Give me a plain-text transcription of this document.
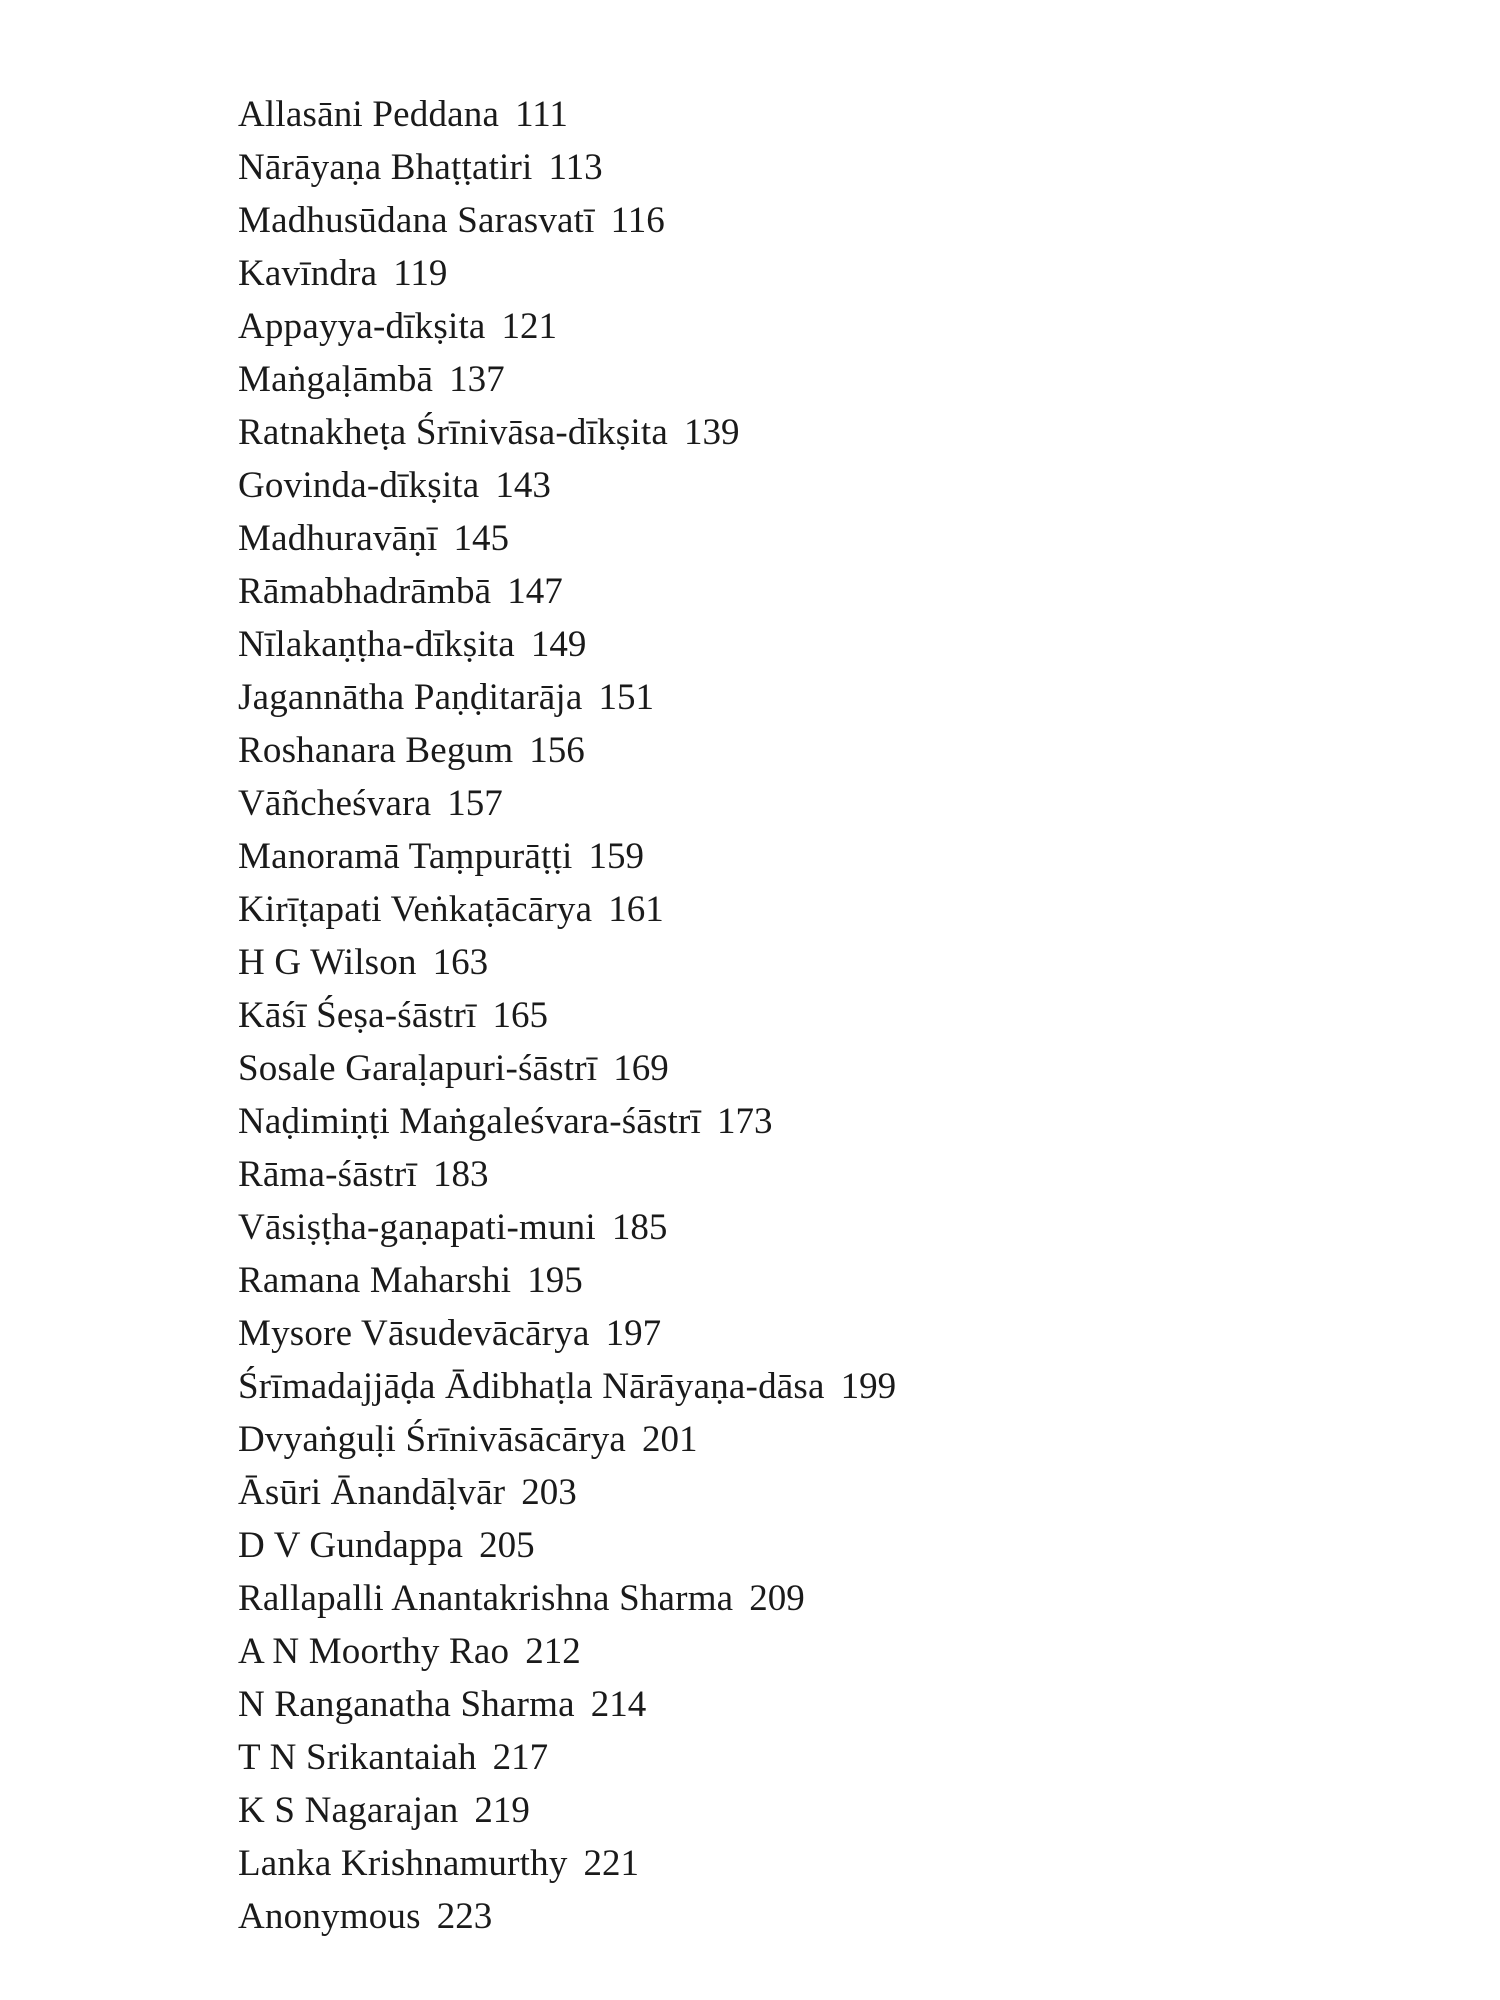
Allasāni Peddana 111
Nārāyaṇa Bhaṭṭatiri 113
Madhusūdana Sarasvatī 116
Kavīndra 119
Appayya-dīkṣita 121
Maṅgaḷāmbā 137
Ratnakheṭa Śrīnivāsa-dīkṣita 139
Govinda-dīkṣita 143
Madhuravāṇī 145
Rāmabhadrāmbā 147
Nīlakaṇṭha-dīkṣita 149
Jagannātha Paṇḍitarāja 151
Roshanara Begum 156
Vāñcheśvara 157
Manoramā Taṃpurāṭṭi 159
Kirīṭapati Veṅkaṭācārya 161
H G Wilson 163
Kāśī Śeṣa-śāstrī 165
Sosale Garaḷapuri-śāstrī 169
Naḍimiṇṭi Maṅgaleśvara-śāstrī 173
Rāma-śāstrī 183
Vāsiṣṭha-gaṇapati-muni 185
Ramana Maharshi 195
Mysore Vāsudevācārya 197
Śrīmadajjāḍa Ādibhaṭla Nārāyaṇa-dāsa 199
Dvyaṅguḷi Śrīnivāsācārya 201
Āsūri Ānandāḷvār 203
D V Gundappa 205
Rallapalli Anantakrishna Sharma 209
A N Moorthy Rao 212
N Ranganatha Sharma 214
T N Srikantaiah 217
K S Nagarajan 219
Lanka Krishnamurthy 221
Anonymous 223
